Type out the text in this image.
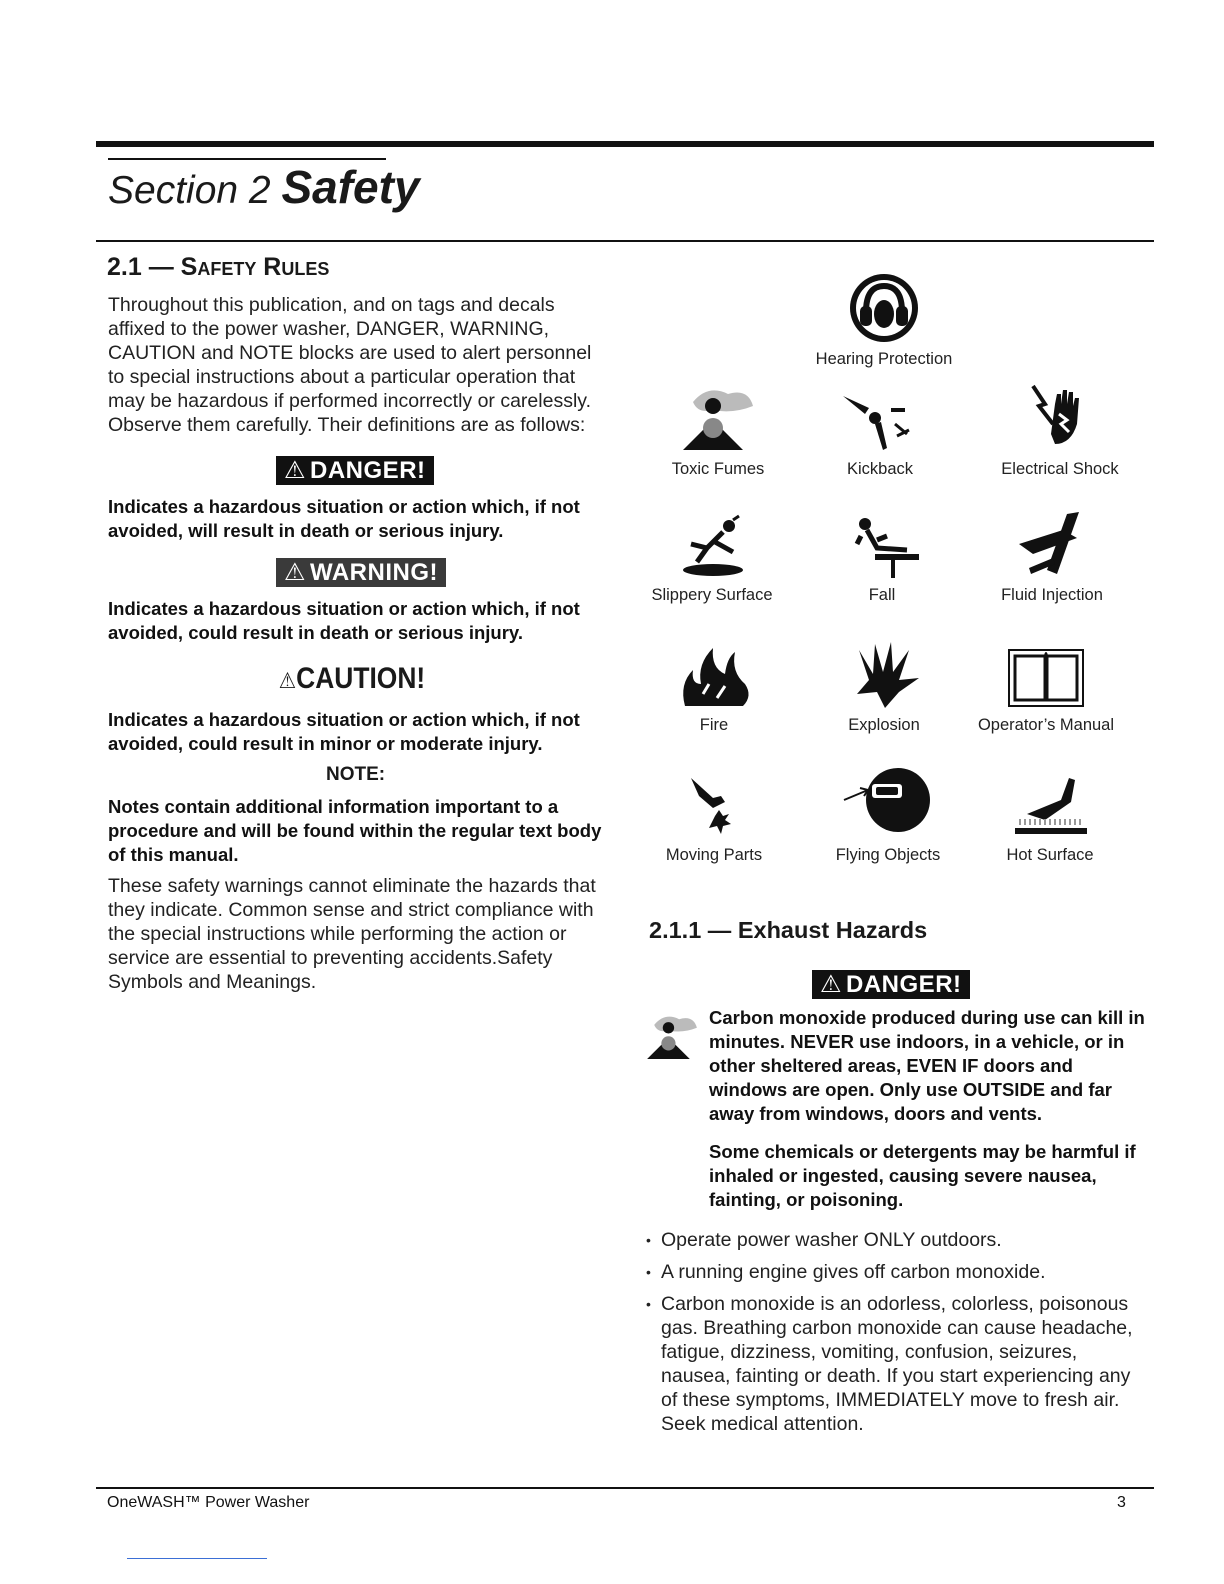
Section 2 Safety
2.1 — Safety Rules
Throughout this publication, and on tags and decals affixed to the power washer, DANGER, WARNING, CAUTION and NOTE blocks are used to alert personnel to special instructions about a particular operation that may be hazardous if performed incorrectly or carelessly. Observe them carefully. Their definitions are as follows:
⚠ DANGER!
Indicates a hazardous situation or action which, if not avoided, will result in death or serious injury.
⚠ WARNING!
Indicates a hazardous situation or action which, if not avoided, could result in death or serious injury.
⚠CAUTION!
Indicates a hazardous situation or action which, if not avoided, could result in minor or moderate injury.
NOTE:
Notes contain additional information important to a procedure and will be found within the regular text body of this manual.
These safety warnings cannot eliminate the hazards that they indicate. Common sense and strict compliance with the special instructions while performing the action or service are essential to preventing accidents.Safety Symbols and Meanings.
Hearing Protection
Toxic Fumes	Kickback	Electrical Shock
Slippery Surface	Fall	Fluid Injection
Fire	Explosion	Operator’s Manual
Moving Parts	Flying Objects	Hot Surface
2.1.1 — Exhaust Hazards
⚠ DANGER!
Carbon monoxide produced during use can kill in minutes. NEVER use indoors, in a vehicle, or in other sheltered areas, EVEN IF doors and windows are open. Only use OUTSIDE and far away from windows, doors and vents.
Some chemicals or detergents may be harmful if inhaled or ingested, causing severe nausea, fainting, or poisoning.
• Operate power washer ONLY outdoors.
• A running engine gives off carbon monoxide.
• Carbon monoxide is an odorless, colorless, poisonous gas. Breathing carbon monoxide can cause headache, fatigue, dizziness, vomiting, confusion, seizures, nausea, fainting or death. If you start experiencing any of these symptoms, IMMEDIATELY move to fresh air. Seek medical attention.
OneWASH™ Power Washer	3
